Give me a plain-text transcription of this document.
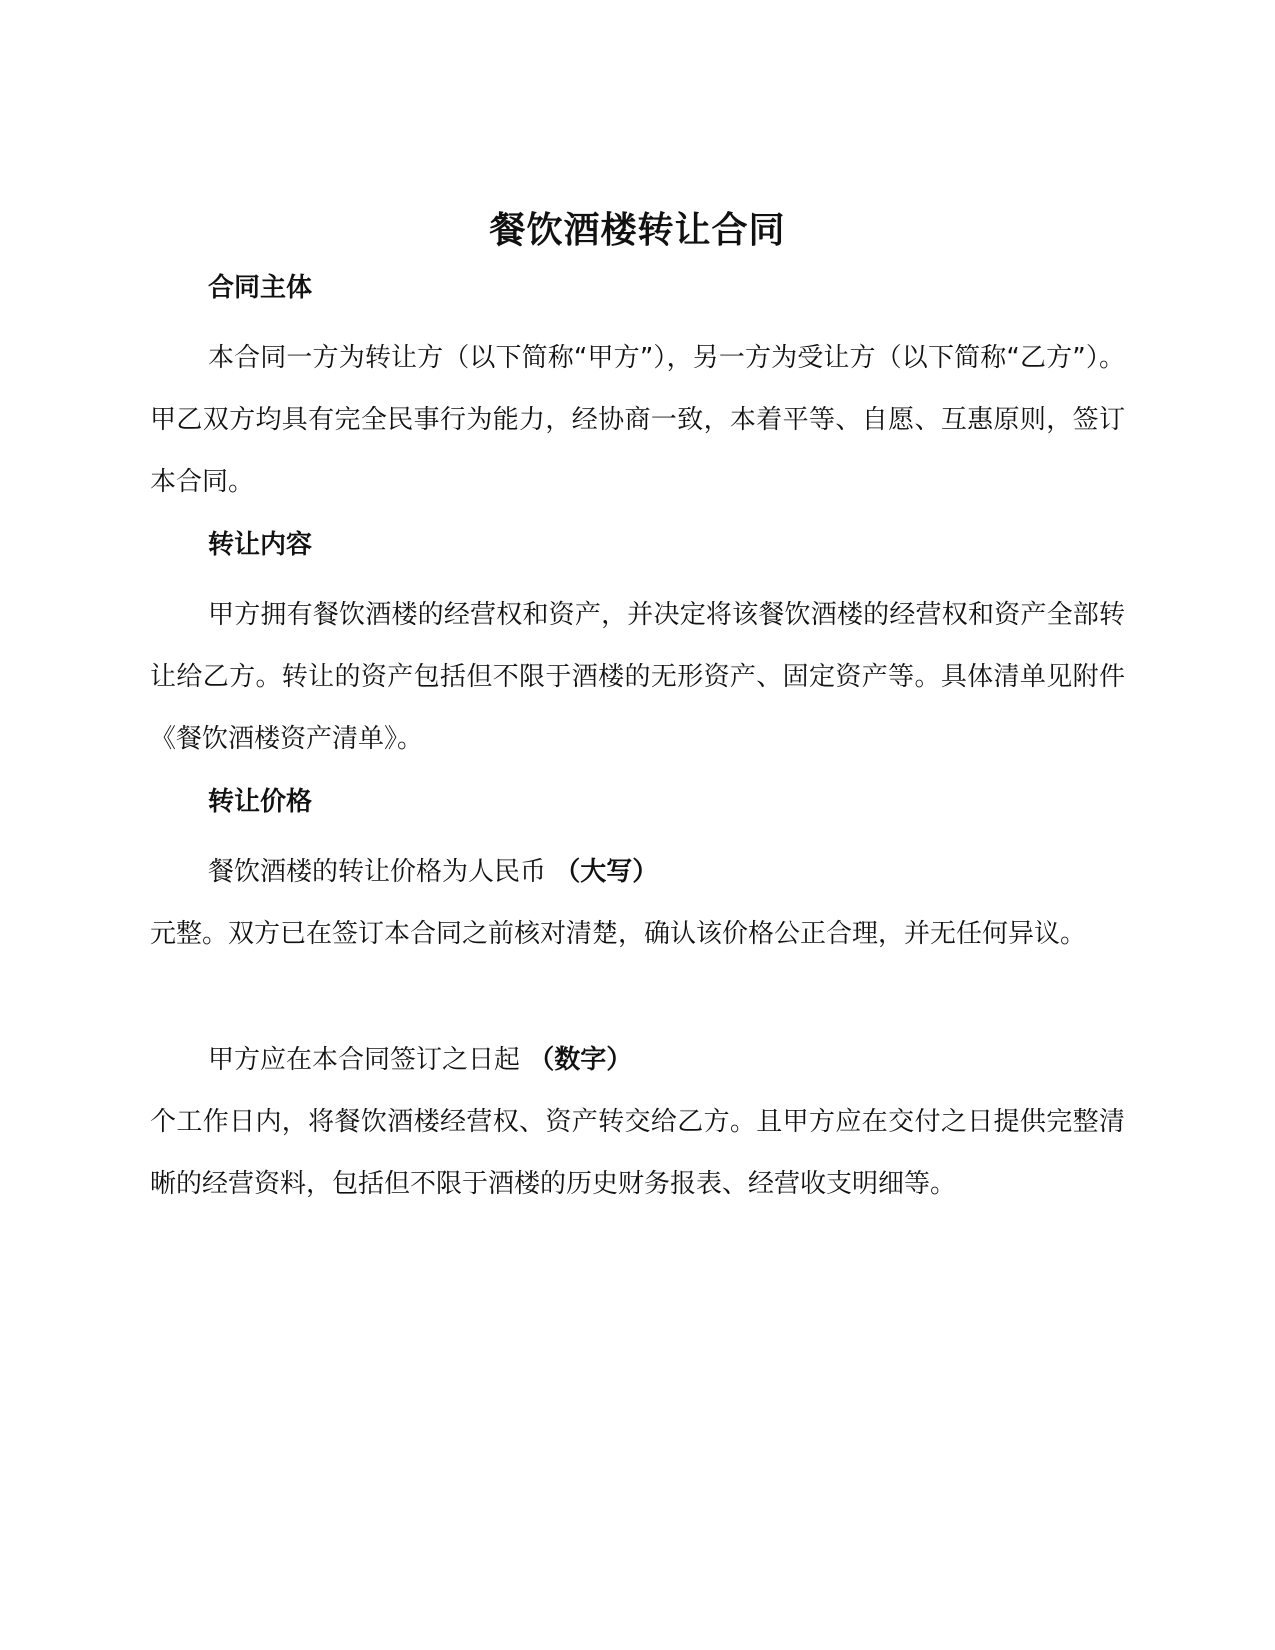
餐饮酒楼转让合同
合同主体

本合同一方为转让方（以下简称“甲方”），另一方为受让方（以下简称“乙方”）。甲乙双方均具有完全民事行为能力，经协商一致，本着平等、自愿、互惠原则，签订本合同。

转让内容

甲方拥有餐饮酒楼的经营权和资产，并决定将该餐饮酒楼的经营权和资产全部转让给乙方。转让的资产包括但不限于酒楼的无形资产、固定资产等。具体清单见附件《餐饮酒楼资产清单》。

转让价格

餐饮酒楼的转让价格为人民币 （大写）
元整。双方已在签订本合同之前核对清楚，确认该价格公正合理，并无任何异议。

甲方应在本合同签订之日起 （数字）
个工作日内，将餐饮酒楼经营权、资产转交给乙方。且甲方应在交付之日提供完整清晰的经营资料，包括但不限于酒楼的历史财务报表、经营收支明细等。
